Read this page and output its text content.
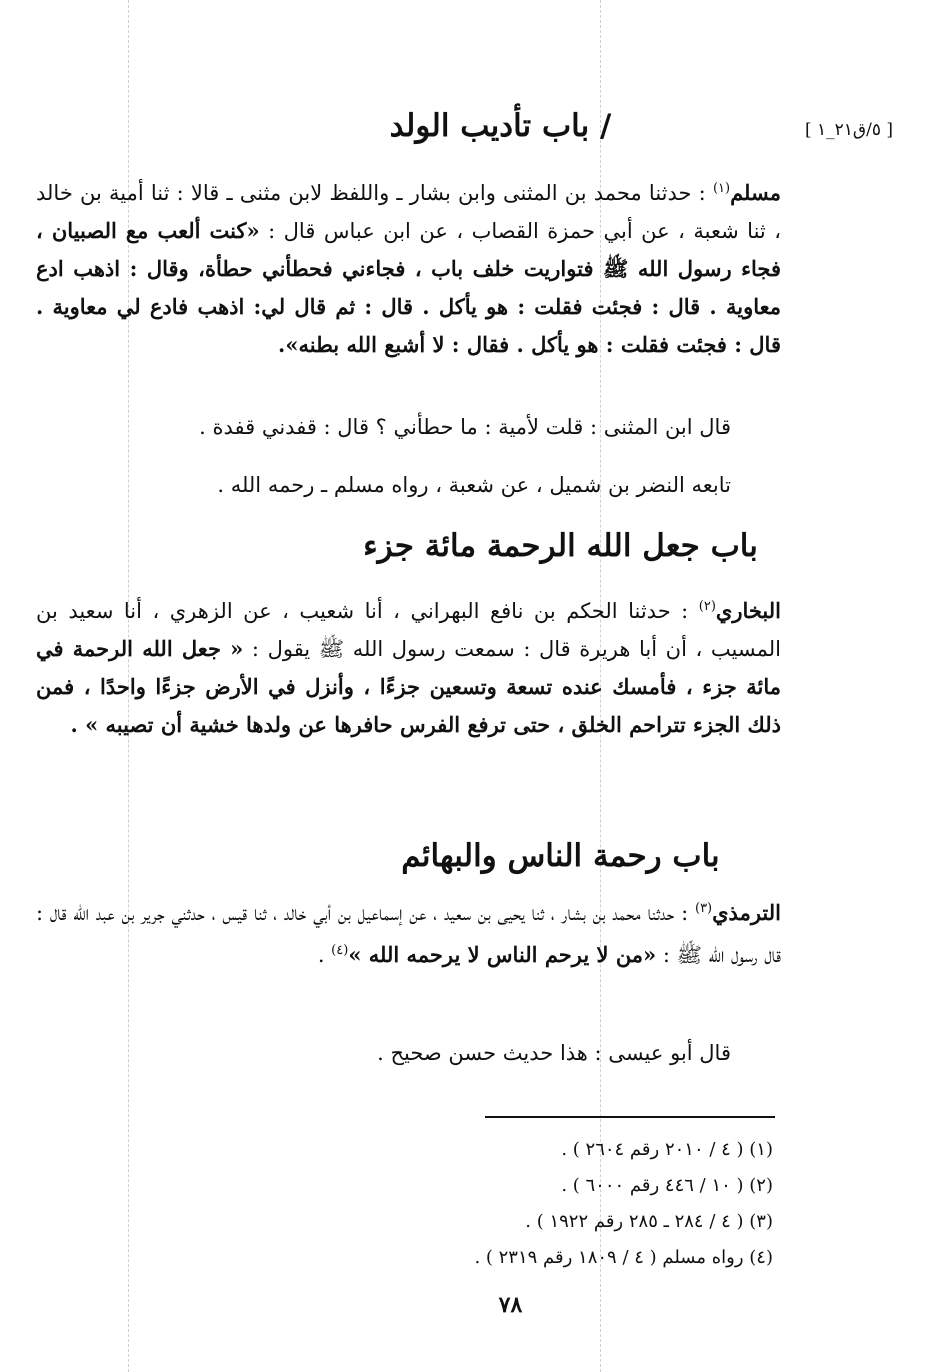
[ ٥/ق٢١_١ ]
/ باب تأديب الولد
مسلم$^{(١)}$ : حدثنا محمد بن المثنى وابن بشار ـ واللفظ لابن مثنى ـ قالا : ثنا أمية بن خالد ، ثنا شعبة ، عن أبي حمزة القصاب ، عن ابن عباس قال : «كنت ألعب مع الصبيان ، فجاء رسول الله ﷺ فتواريت خلف باب ، فجاءني فحطأني حطأة، وقال : اذهب ادع معاوية . قال : فجئت فقلت : هو يأكل . قال : ثم قال لي: اذهب فادع لي معاوية . قال : فجئت فقلت : هو يأكل . فقال : لا أشبع الله بطنه».
قال ابن المثنى : قلت لأمية : ما حطأني ؟ قال : قفدني قفدة .
تابعه النضر بن شميل ، عن شعبة ، رواه مسلم ـ رحمه الله .
باب جعل الله الرحمة مائة جزء
البخاري$^{(٢)}$ : حدثنا الحكم بن نافع البهراني ، أنا شعيب ، عن الزهري ، أنا سعيد بن المسيب ، أن أبا هريرة قال : سمعت رسول الله ﷺ يقول : « جعل الله الرحمة في مائة جزء ، فأمسك عنده تسعة وتسعين جزءًا ، وأنزل في الأرض جزءًا واحدًا ، فمن ذلك الجزء تتراحم الخلق ، حتى ترفع الفرس حافرها عن ولدها خشية أن تصيبه » .
باب رحمة الناس والبهائم
الترمذي$^{(٣)}$ : حدثنا محمد بن بشار ، ثنا يحيى بن سعيد ، عن إسماعيل بن أبي خالد ، ثنا قيس ، حدثني جرير بن عبد الله قال : قال رسول الله ﷺ : «من لا يرحم الناس لا يرحمه الله »$^{(٤)}$ .
قال أبو عيسى : هذا حديث حسن صحيح .
(١) ( ٤ / ٢٠١٠ رقم ٢٦٠٤ ) .
(٢) ( ١٠ / ٤٤٦ رقم ٦٠٠٠ ) .
(٣) ( ٤ / ٢٨٤ ـ ٢٨٥ رقم ١٩٢٢ ) .
(٤) رواه مسلم ( ٤ / ١٨٠٩ رقم ٢٣١٩ ) .
٧٨
